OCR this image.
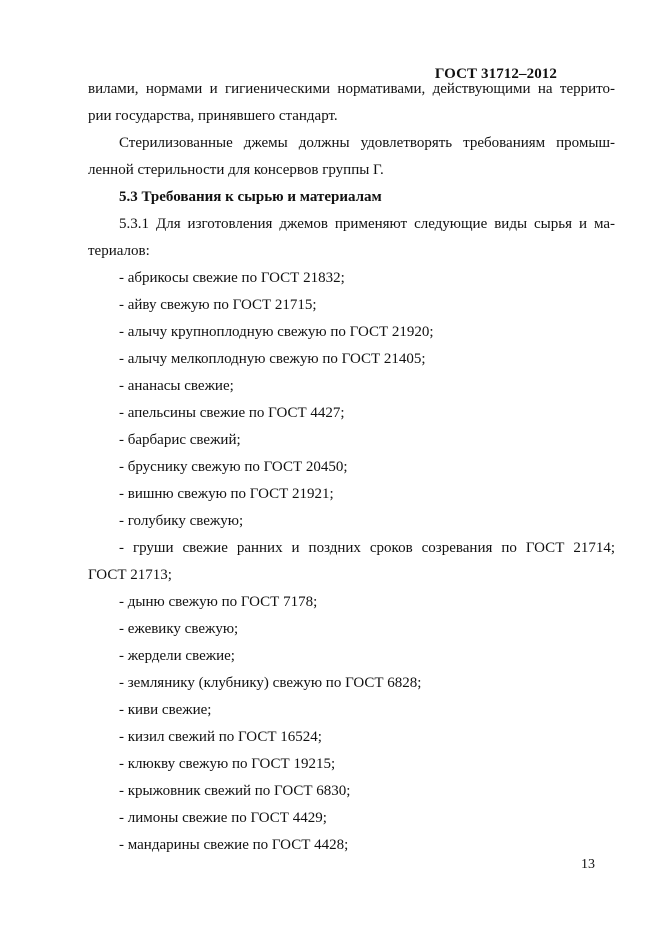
ГОСТ 31712–2012
вилами, нормами и гигиеническими нормативами, действующими на террито-
рии государства, принявшего стандарт.
Стерилизованные джемы должны удовлетворять требованиям промыш-
ленной стерильности для консервов группы Г.
5.3 Требования к сырью и материалам
5.3.1 Для изготовления джемов применяют следующие виды сырья и ма-
териалов:
- абрикосы свежие по ГОСТ 21832;
- айву свежую по ГОСТ 21715;
- алычу крупноплодную свежую по ГОСТ 21920;
- алычу мелкоплодную свежую по ГОСТ 21405;
- ананасы свежие;
- апельсины свежие по ГОСТ 4427;
- барбарис свежий;
- бруснику свежую по ГОСТ 20450;
- вишню свежую по ГОСТ 21921;
- голубику свежую;
- груши свежие ранних и поздних сроков созревания по ГОСТ 21714;
ГОСТ 21713;
- дыню свежую по ГОСТ 7178;
- ежевику свежую;
- жердели свежие;
- землянику (клубнику) свежую по ГОСТ 6828;
- киви свежие;
- кизил свежий по ГОСТ 16524;
- клюкву свежую по ГОСТ 19215;
- крыжовник свежий по ГОСТ 6830;
- лимоны свежие по ГОСТ 4429;
- мандарины свежие по ГОСТ 4428;
13
